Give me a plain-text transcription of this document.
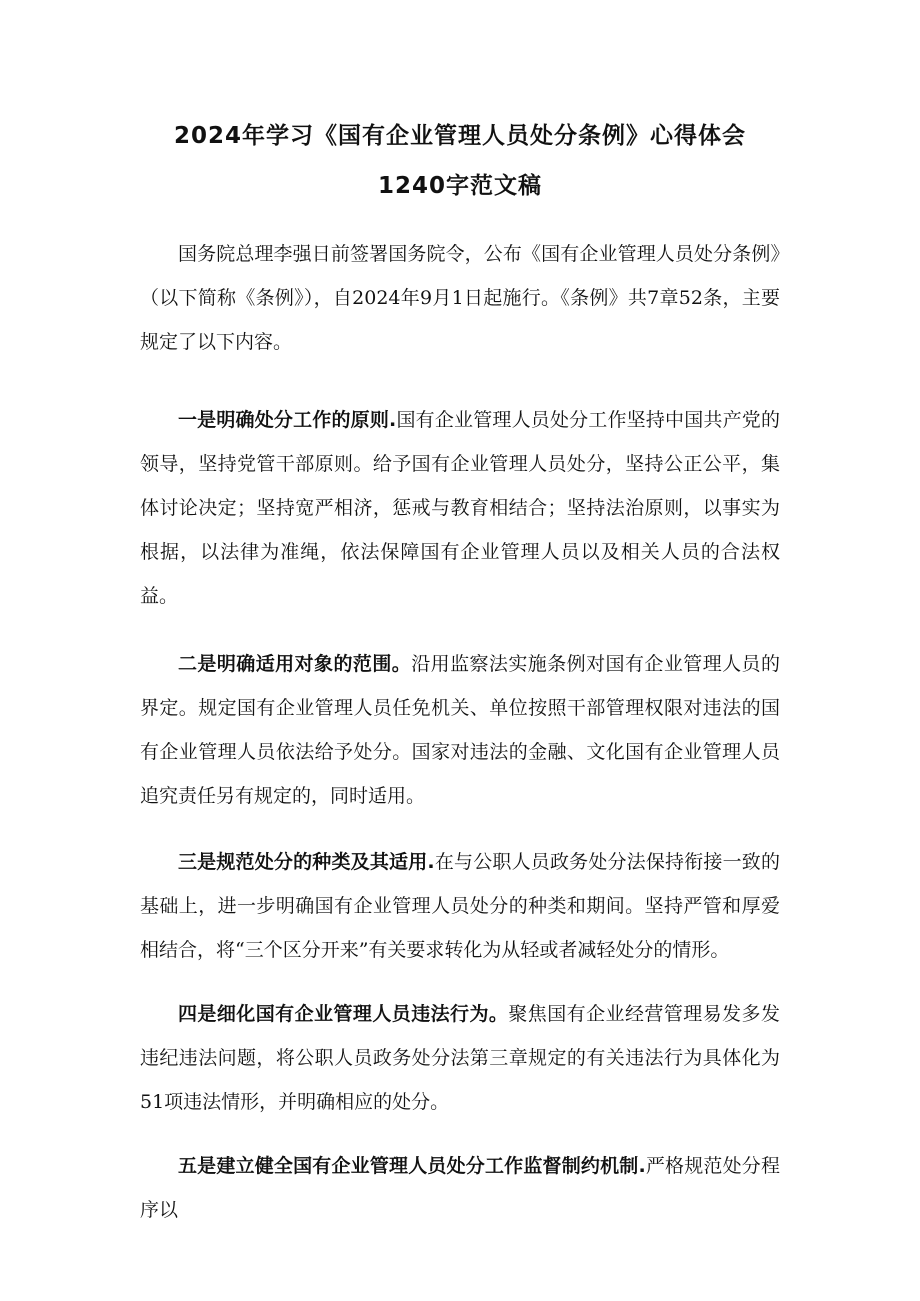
2024年学习《国有企业管理人员处分条例》心得体会
1240字范文稿

国务院总理李强日前签署国务院令，公布《国有企业管理人员处分条例》（以下简称《条例》），自2024年9月1日起施行。《条例》共7章52条，主要规定了以下内容。

一是明确处分工作的原则.国有企业管理人员处分工作坚持中国共产党的领导，坚持党管干部原则。给予国有企业管理人员处分，坚持公正公平，集体讨论决定；坚持宽严相济，惩戒与教育相结合；坚持法治原则，以事实为根据，以法律为准绳，依法保障国有企业管理人员以及相关人员的合法权益。

二是明确适用对象的范围。沿用监察法实施条例对国有企业管理人员的界定。规定国有企业管理人员任免机关、单位按照干部管理权限对违法的国有企业管理人员依法给予处分。国家对违法的金融、文化国有企业管理人员追究责任另有规定的，同时适用。

三是规范处分的种类及其适用.在与公职人员政务处分法保持衔接一致的基础上，进一步明确国有企业管理人员处分的种类和期间。坚持严管和厚爱相结合，将“三个区分开来”有关要求转化为从轻或者减轻处分的情形。

四是细化国有企业管理人员违法行为。聚焦国有企业经营管理易发多发违纪违法问题，将公职人员政务处分法第三章规定的有关违法行为具体化为51项违法情形，并明确相应的处分。

五是建立健全国有企业管理人员处分工作监督制约机制.严格规范处分程序以
